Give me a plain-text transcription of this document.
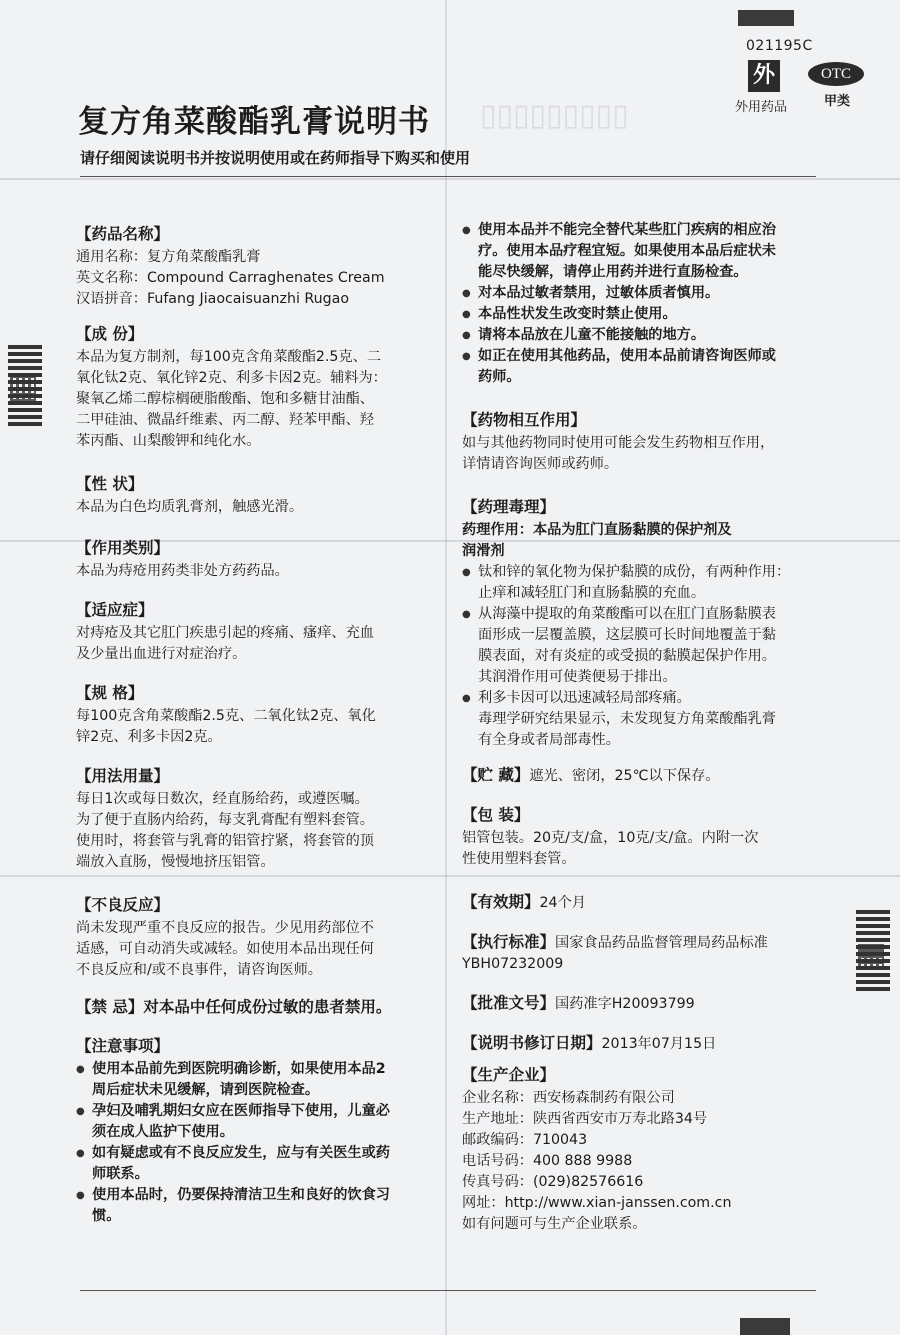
▯▯▯▯▯▯▯▯▯
021195C
外
外用药品
OTC
甲类
复方角菜酸酯乳膏说明书
请仔细阅读说明书并按说明使用或在药师指导下购买和使用
【药品名称】
通用名称：复方角菜酸酯乳膏
英文名称：Compound Carraghenates Cream
汉语拼音：Fufang Jiaocaisuanzhi Rugao
【成 份】
本品为复方制剂，每100克含角菜酸酯2.5克、二
氧化钛2克、氧化锌2克、利多卡因2克。辅料为：
聚氧乙烯二醇棕榈硬脂酸酯、饱和多糖甘油酯、
二甲硅油、微晶纤维素、丙二醇、羟苯甲酯、羟
苯丙酯、山梨酸钾和纯化水。
【性 状】
本品为白色均质乳膏剂，触感光滑。
【作用类别】
本品为痔疮用药类非处方药药品。
【适应症】
对痔疮及其它肛门疾患引起的疼痛、瘙痒、充血
及少量出血进行对症治疗。
【规 格】
每100克含角菜酸酯2.5克、二氧化钛2克、氧化
锌2克、利多卡因2克。
【用法用量】
每日1次或每日数次，经直肠给药，或遵医嘱。
为了便于直肠内给药，每支乳膏配有塑料套管。
使用时，将套管与乳膏的铝管拧紧，将套管的顶
端放入直肠，慢慢地挤压铝管。
【不良反应】
尚未发现严重不良反应的报告。少见用药部位不
适感，可自动消失或减轻。如使用本品出现任何
不良反应和/或不良事件，请咨询医师。
【禁 忌】对本品中任何成份过敏的患者禁用。
【注意事项】
● 使用本品前先到医院明确诊断，如果使用本品2
周后症状未见缓解，请到医院检查。
● 孕妇及哺乳期妇女应在医师指导下使用，儿童必
须在成人监护下使用。
● 如有疑虑或有不良反应发生，应与有关医生或药
师联系。
● 使用本品时，仍要保持清洁卫生和良好的饮食习
惯。
● 使用本品并不能完全替代某些肛门疾病的相应治
疗。使用本品疗程宜短。如果使用本品后症状未
能尽快缓解，请停止用药并进行直肠检查。
● 对本品过敏者禁用，过敏体质者慎用。
● 本品性状发生改变时禁止使用。
● 请将本品放在儿童不能接触的地方。
● 如正在使用其他药品，使用本品前请咨询医师或
药师。
【药物相互作用】
如与其他药物同时使用可能会发生药物相互作用，
详情请咨询医师或药师。
【药理毒理】
药理作用：本品为肛门直肠黏膜的保护剂及
润滑剂
● 钛和锌的氧化物为保护黏膜的成份，有两种作用：
止痒和减轻肛门和直肠黏膜的充血。
● 从海藻中提取的角菜酸酯可以在肛门直肠黏膜表
面形成一层覆盖膜，这层膜可长时间地覆盖于黏
膜表面，对有炎症的或受损的黏膜起保护作用。
其润滑作用可使粪便易于排出。
● 利多卡因可以迅速减轻局部疼痛。
毒理学研究结果显示，未发现复方角菜酸酯乳膏
有全身或者局部毒性。
【贮 藏】遮光、密闭，25℃以下保存。
【包 装】
铝管包装。20克/支/盒，10克/支/盒。内附一次
性使用塑料套管。
【有效期】24个月
【执行标准】国家食品药品监督管理局药品标准
YBH07232009
【批准文号】国药准字H20093799
【说明书修订日期】2013年07月15日
【生产企业】
企业名称：西安杨森制药有限公司
生产地址：陕西省西安市万寿北路34号
邮政编码：710043
电话号码：400 888 9988
传真号码：(029)82576616
网址：http://www.xian-janssen.com.cn
如有问题可与生产企业联系。
